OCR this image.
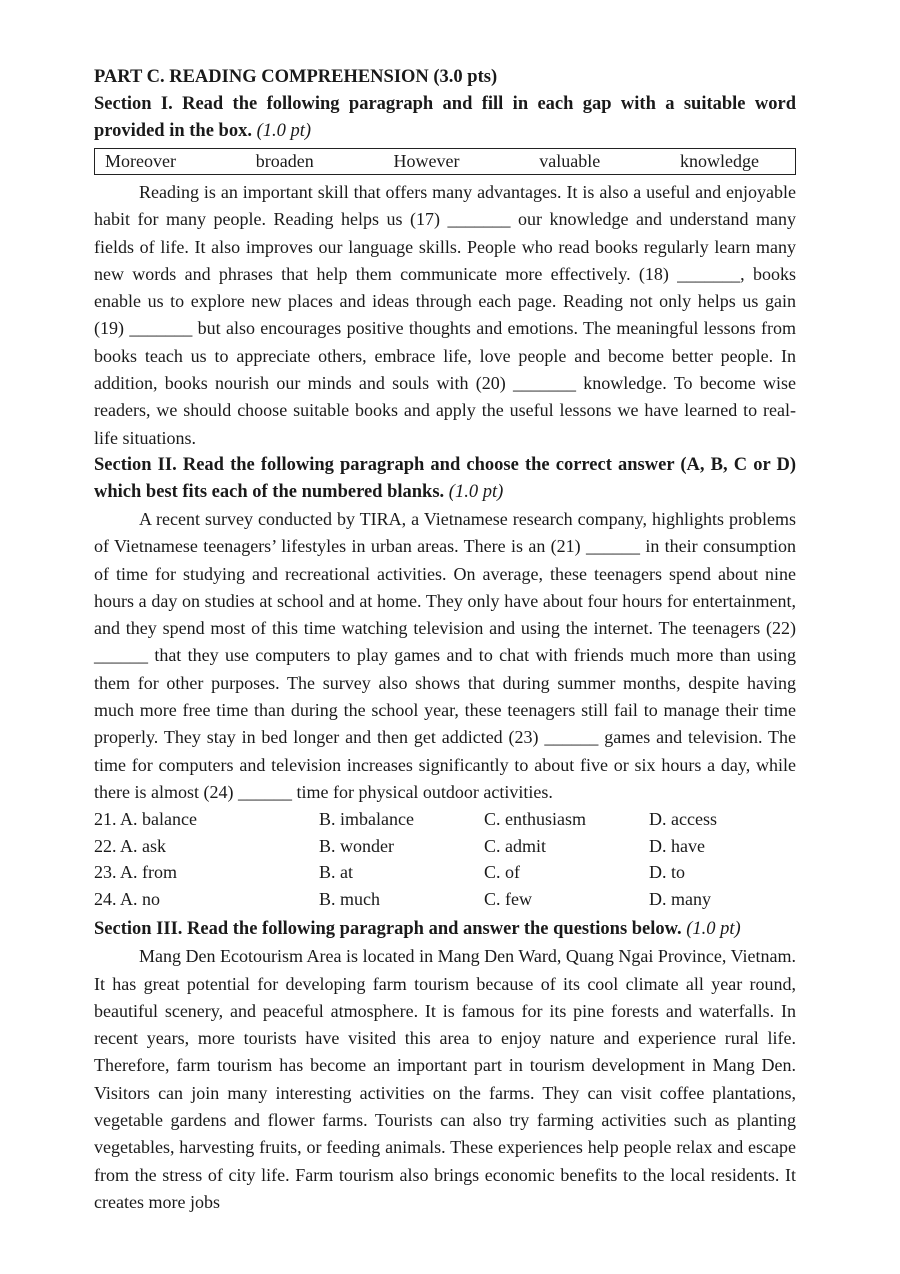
PART C. READING COMPREHENSION (3.0 pts)

Section I. Read the following paragraph and fill in each gap with a suitable word provided in the box. (1.0 pt)

Moreover	broaden	However	valuable	knowledge

Reading is an important skill that offers many advantages. It is also a useful and enjoyable habit for many people. Reading helps us (17) _______ our knowledge and understand many fields of life. It also improves our language skills. People who read books regularly learn many new words and phrases that help them communicate more effectively. (18) _______, books enable us to explore new places and ideas through each page. Reading not only helps us gain (19) _______ but also encourages positive thoughts and emotions. The meaningful lessons from books teach us to appreciate others, embrace life, love people and become better people. In addition, books nourish our minds and souls with (20) _______ knowledge. To become wise readers, we should choose suitable books and apply the useful lessons we have learned to real-life situations.

Section II. Read the following paragraph and choose the correct answer (A, B, C or D) which best fits each of the numbered blanks. (1.0 pt)

A recent survey conducted by TIRA, a Vietnamese research company, highlights problems of Vietnamese teenagers’ lifestyles in urban areas. There is an (21) ______ in their consumption of time for studying and recreational activities. On average, these teenagers spend about nine hours a day on studies at school and at home. They only have about four hours for entertainment, and they spend most of this time watching television and using the internet. The teenagers (22) ______ that they use computers to play games and to chat with friends much more than using them for other purposes. The survey also shows that during summer months, despite having much more free time than during the school year, these teenagers still fail to manage their time properly. They stay in bed longer and then get addicted (23) ______ games and television. The time for computers and television increases significantly to about five or six hours a day, while there is almost (24) ______ time for physical outdoor activities.

21. A. balance	B. imbalance	C. enthusiasm	D. access
22. A. ask	B. wonder	C. admit	D. have
23. A. from	B. at	C. of	D. to
24. A. no	B. much	C. few	D. many

Section III. Read the following paragraph and answer the questions below. (1.0 pt)

Mang Den Ecotourism Area is located in Mang Den Ward, Quang Ngai Province, Vietnam. It has great potential for developing farm tourism because of its cool climate all year round, beautiful scenery, and peaceful atmosphere. It is famous for its pine forests and waterfalls. In recent years, more tourists have visited this area to enjoy nature and experience rural life. Therefore, farm tourism has become an important part in tourism development in Mang Den. Visitors can join many interesting activities on the farms. They can visit coffee plantations, vegetable gardens and flower farms. Tourists can also try farming activities such as planting vegetables, harvesting fruits, or feeding animals. These experiences help people relax and escape from the stress of city life. Farm tourism also brings economic benefits to the local residents. It creates more jobs
